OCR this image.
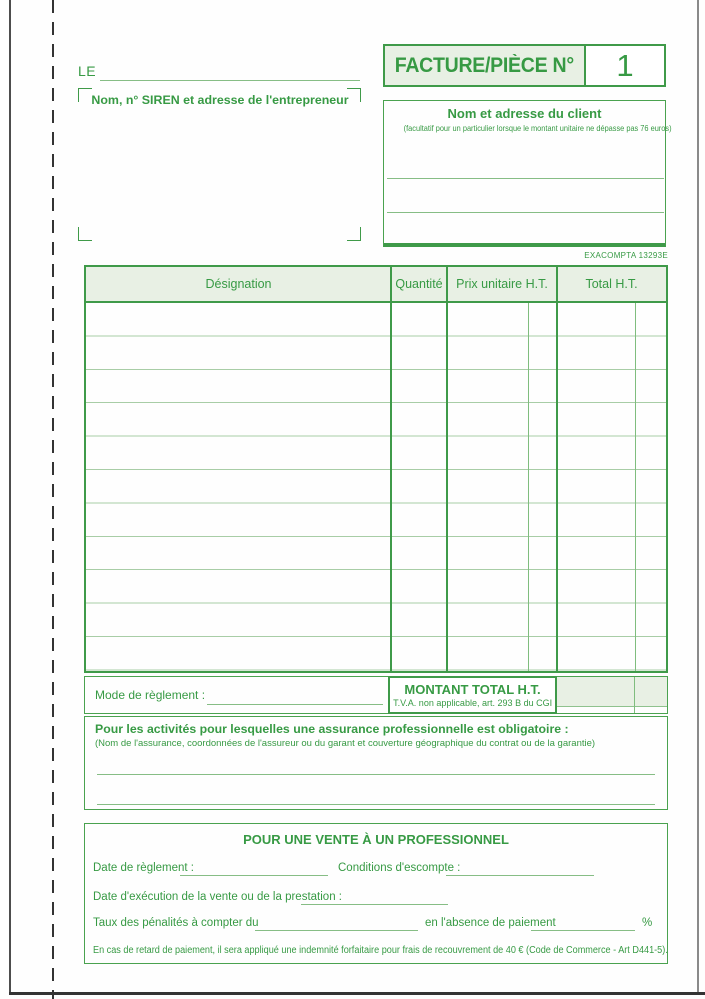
LE
Nom, n° SIREN et adresse de l'entrepreneur
FACTURE/PIÈCE N° 1
Nom et adresse du client
(facultatif pour un particulier lorsque le montant unitaire ne dépasse pas 76 euros)
EXACOMPTA 13293E
Désignation	Quantité	Prix unitaire H.T.	Total H.T.
Mode de règlement :	MONTANT TOTAL H.T.
T.V.A. non applicable, art. 293 B du CGI
Pour les activités pour lesquelles une assurance professionnelle est obligatoire :
(Nom de l'assurance, coordonnées de l'assureur ou du garant et couverture géographique du contrat ou de la garantie)
POUR UNE VENTE À UN PROFESSIONNEL
Date de règlement :	Conditions d'escompte :
Date d'exécution de la vente ou de la prestation :
Taux des pénalités à compter du	en l'absence de paiement	%
En cas de retard de paiement, il sera appliqué une indemnité forfaitaire pour frais de recouvrement de 40 € (Code de Commerce - Art D441-5).
